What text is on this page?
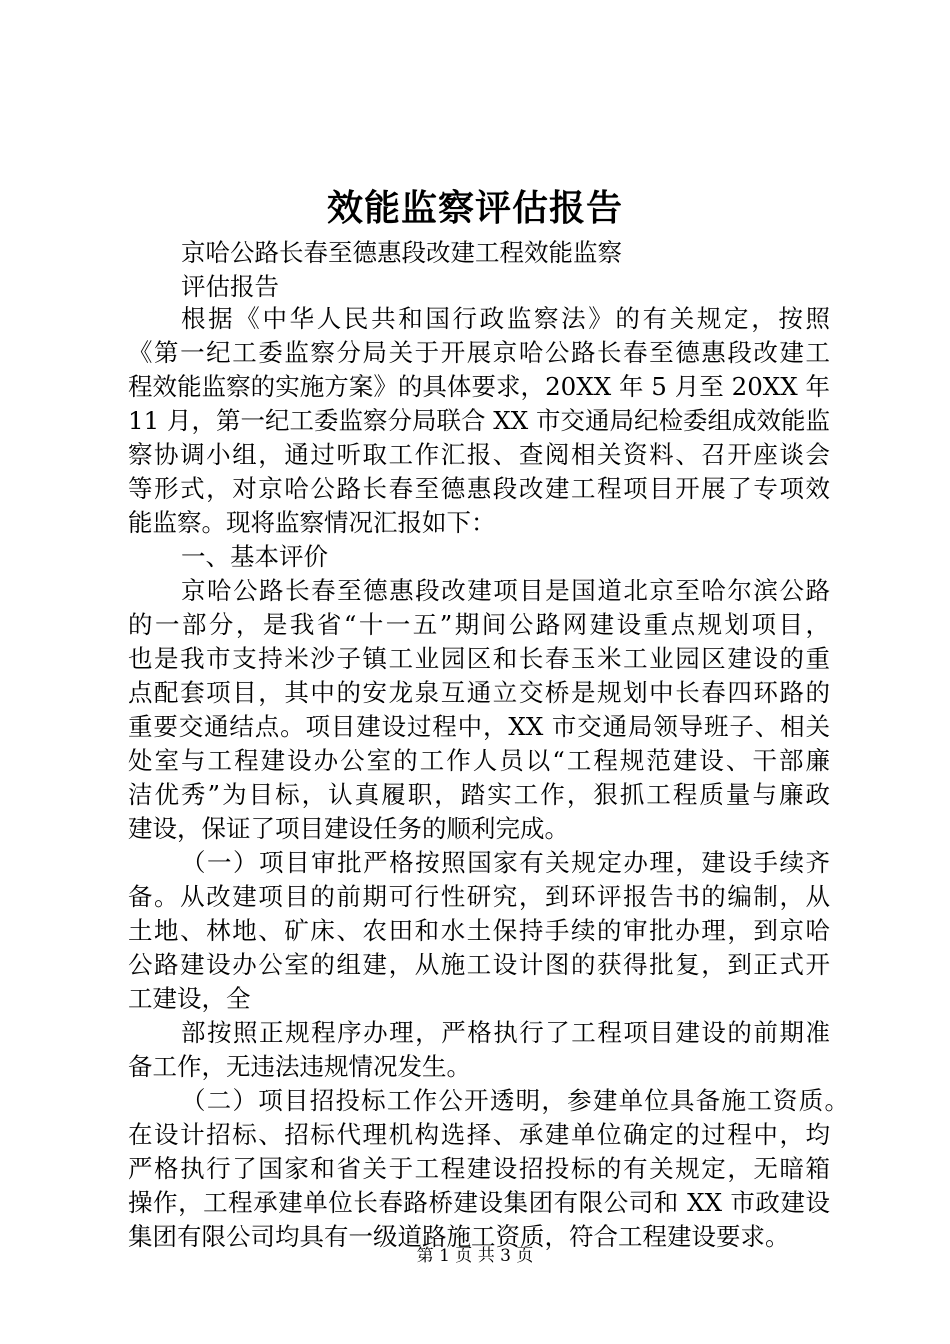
效能监察评估报告
京哈公路长春至德惠段改建工程效能监察
评估报告
根据《中华人民共和国行政监察法》的有关规定，按照
《第一纪工委监察分局关于开展京哈公路长春至德惠段改建工
程效能监察的实施方案》的具体要求，20XX 年 5 月至 20XX 年
11 月，第一纪工委监察分局联合 XX 市交通局纪检委组成效能监
察协调小组，通过听取工作汇报、查阅相关资料、召开座谈会
等形式，对京哈公路长春至德惠段改建工程项目开展了专项效
能监察。现将监察情况汇报如下：
一、基本评价
京哈公路长春至德惠段改建项目是国道北京至哈尔滨公路
的一部分，是我省“十一五”期间公路网建设重点规划项目，
也是我市支持米沙子镇工业园区和长春玉米工业园区建设的重
点配套项目，其中的安龙泉互通立交桥是规划中长春四环路的
重要交通结点。项目建设过程中，XX 市交通局领导班子、相关
处室与工程建设办公室的工作人员以“工程规范建设、干部廉
洁优秀”为目标，认真履职，踏实工作，狠抓工程质量与廉政
建设，保证了项目建设任务的顺利完成。
（一）项目审批严格按照国家有关规定办理，建设手续齐
备。从改建项目的前期可行性研究，到环评报告书的编制，从
土地、林地、矿床、农田和水土保持手续的审批办理，到京哈
公路建设办公室的组建，从施工设计图的获得批复，到正式开
工建设，全
部按照正规程序办理，严格执行了工程项目建设的前期准
备工作，无违法违规情况发生。
（二）项目招投标工作公开透明，参建单位具备施工资质。
在设计招标、招标代理机构选择、承建单位确定的过程中，均
严格执行了国家和省关于工程建设招投标的有关规定，无暗箱
操作，工程承建单位长春路桥建设集团有限公司和 XX 市政建设
集团有限公司均具有一级道路施工资质，符合工程建设要求。
第 1 页 共 3 页
